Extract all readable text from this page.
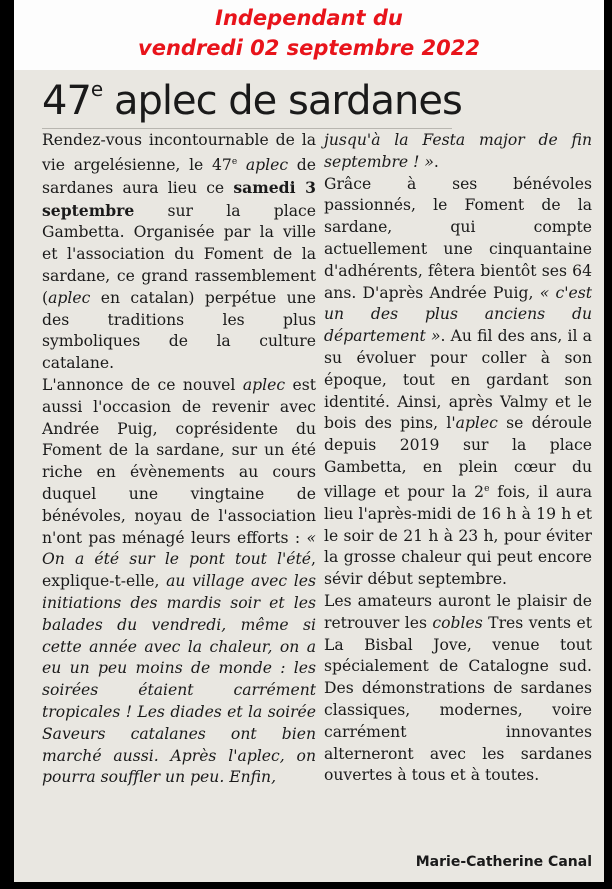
Independant du
vendredi 02 septembre 2022
47e aplec de sardanes

Rendez-vous incontournable de la vie argelésienne, le 47e aplec de sardanes aura lieu ce samedi 3 septembre sur la place Gambetta. Organisée par la ville et l'association du Foment de la sardane, ce grand rassemblement (aplec en catalan) perpétue une des traditions les plus symboliques de la culture catalane.

L'annonce de ce nouvel aplec est aussi l'occasion de revenir avec Andrée Puig, coprésidente du Foment de la sardane, sur un été riche en évènements au cours duquel une vingtaine de bénévoles, noyau de l'association n'ont pas ménagé leurs efforts : « On a été sur le pont tout l'été, explique-t-elle, au village avec les initiations des mardis soir et les balades du vendredi, même si cette année avec la chaleur, on a eu un peu moins de monde : les soirées étaient carrément tropicales ! Les diades et la soirée Saveurs catalanes ont bien marché aussi. Après l'aplec, on pourra souffler un peu. Enfin,

jusqu'à la Festa major de fin septembre ! ».

Grâce à ses bénévoles passionnés, le Foment de la sardane, qui compte actuellement une cinquantaine d'adhérents, fêtera bientôt ses 64 ans. D'après Andrée Puig, « c'est un des plus anciens du département ». Au fil des ans, il a su évoluer pour coller à son époque, tout en gardant son identité. Ainsi, après Valmy et le bois des pins, l'aplec se déroule depuis 2019 sur la place Gambetta, en plein cœur du village et pour la 2e fois, il aura lieu l'après-midi de 16 h à 19 h et le soir de 21 h à 23 h, pour éviter la grosse chaleur qui peut encore sévir début septembre.

Les amateurs auront le plaisir de retrouver les cobles Tres vents et La Bisbal Jove, venue tout spécialement de Catalogne sud. Des démonstrations de sardanes classiques, modernes, voire carrément innovantes alterneront avec les sardanes ouvertes à tous et à toutes.

Marie-Catherine Canal
